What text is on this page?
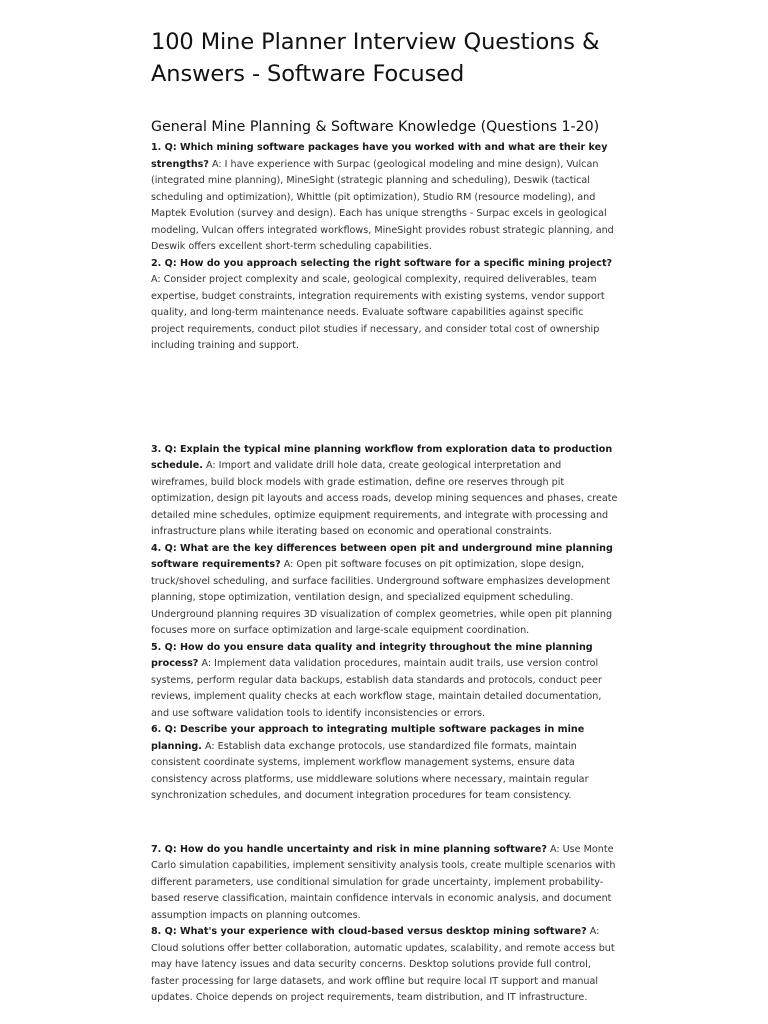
100 Mine Planner Interview Questions & Answers - Software Focused
General Mine Planning & Software Knowledge (Questions 1-20)

1. Q: Which mining software packages have you worked with and what are their key strengths? A: I have experience with Surpac (geological modeling and mine design), Vulcan (integrated mine planning), MineSight (strategic planning and scheduling), Deswik (tactical scheduling and optimization), Whittle (pit optimization), Studio RM (resource modeling), and Maptek Evolution (survey and design). Each has unique strengths - Surpac excels in geological modeling, Vulcan offers integrated workflows, MineSight provides robust strategic planning, and Deswik offers excellent short-term scheduling capabilities.

2. Q: How do you approach selecting the right software for a specific mining project? A: Consider project complexity and scale, geological complexity, required deliverables, team expertise, budget constraints, integration requirements with existing systems, vendor support quality, and long-term maintenance needs. Evaluate software capabilities against specific project requirements, conduct pilot studies if necessary, and consider total cost of ownership including training and support.

3. Q: Explain the typical mine planning workflow from exploration data to production schedule. A: Import and validate drill hole data, create geological interpretation and wireframes, build block models with grade estimation, define ore reserves through pit optimization, design pit layouts and access roads, develop mining sequences and phases, create detailed mine schedules, optimize equipment requirements, and integrate with processing and infrastructure plans while iterating based on economic and operational constraints.

4. Q: What are the key differences between open pit and underground mine planning software requirements? A: Open pit software focuses on pit optimization, slope design, truck/shovel scheduling, and surface facilities. Underground software emphasizes development planning, stope optimization, ventilation design, and specialized equipment scheduling. Underground planning requires 3D visualization of complex geometries, while open pit planning focuses more on surface optimization and large-scale equipment coordination.

5. Q: How do you ensure data quality and integrity throughout the mine planning process? A: Implement data validation procedures, maintain audit trails, use version control systems, perform regular data backups, establish data standards and protocols, conduct peer reviews, implement quality checks at each workflow stage, maintain detailed documentation, and use software validation tools to identify inconsistencies or errors.

6. Q: Describe your approach to integrating multiple software packages in mine planning. A: Establish data exchange protocols, use standardized file formats, maintain consistent coordinate systems, implement workflow management systems, ensure data consistency across platforms, use middleware solutions where necessary, maintain regular synchronization schedules, and document integration procedures for team consistency.

7. Q: How do you handle uncertainty and risk in mine planning software? A: Use Monte Carlo simulation capabilities, implement sensitivity analysis tools, create multiple scenarios with different parameters, use conditional simulation for grade uncertainty, implement probability-based reserve classification, maintain confidence intervals in economic analysis, and document assumption impacts on planning outcomes.

8. Q: What's your experience with cloud-based versus desktop mining software? A: Cloud solutions offer better collaboration, automatic updates, scalability, and remote access but may have latency issues and data security concerns. Desktop solutions provide full control, faster processing for large datasets, and work offline but require local IT support and manual updates. Choice depends on project requirements, team distribution, and IT infrastructure.
